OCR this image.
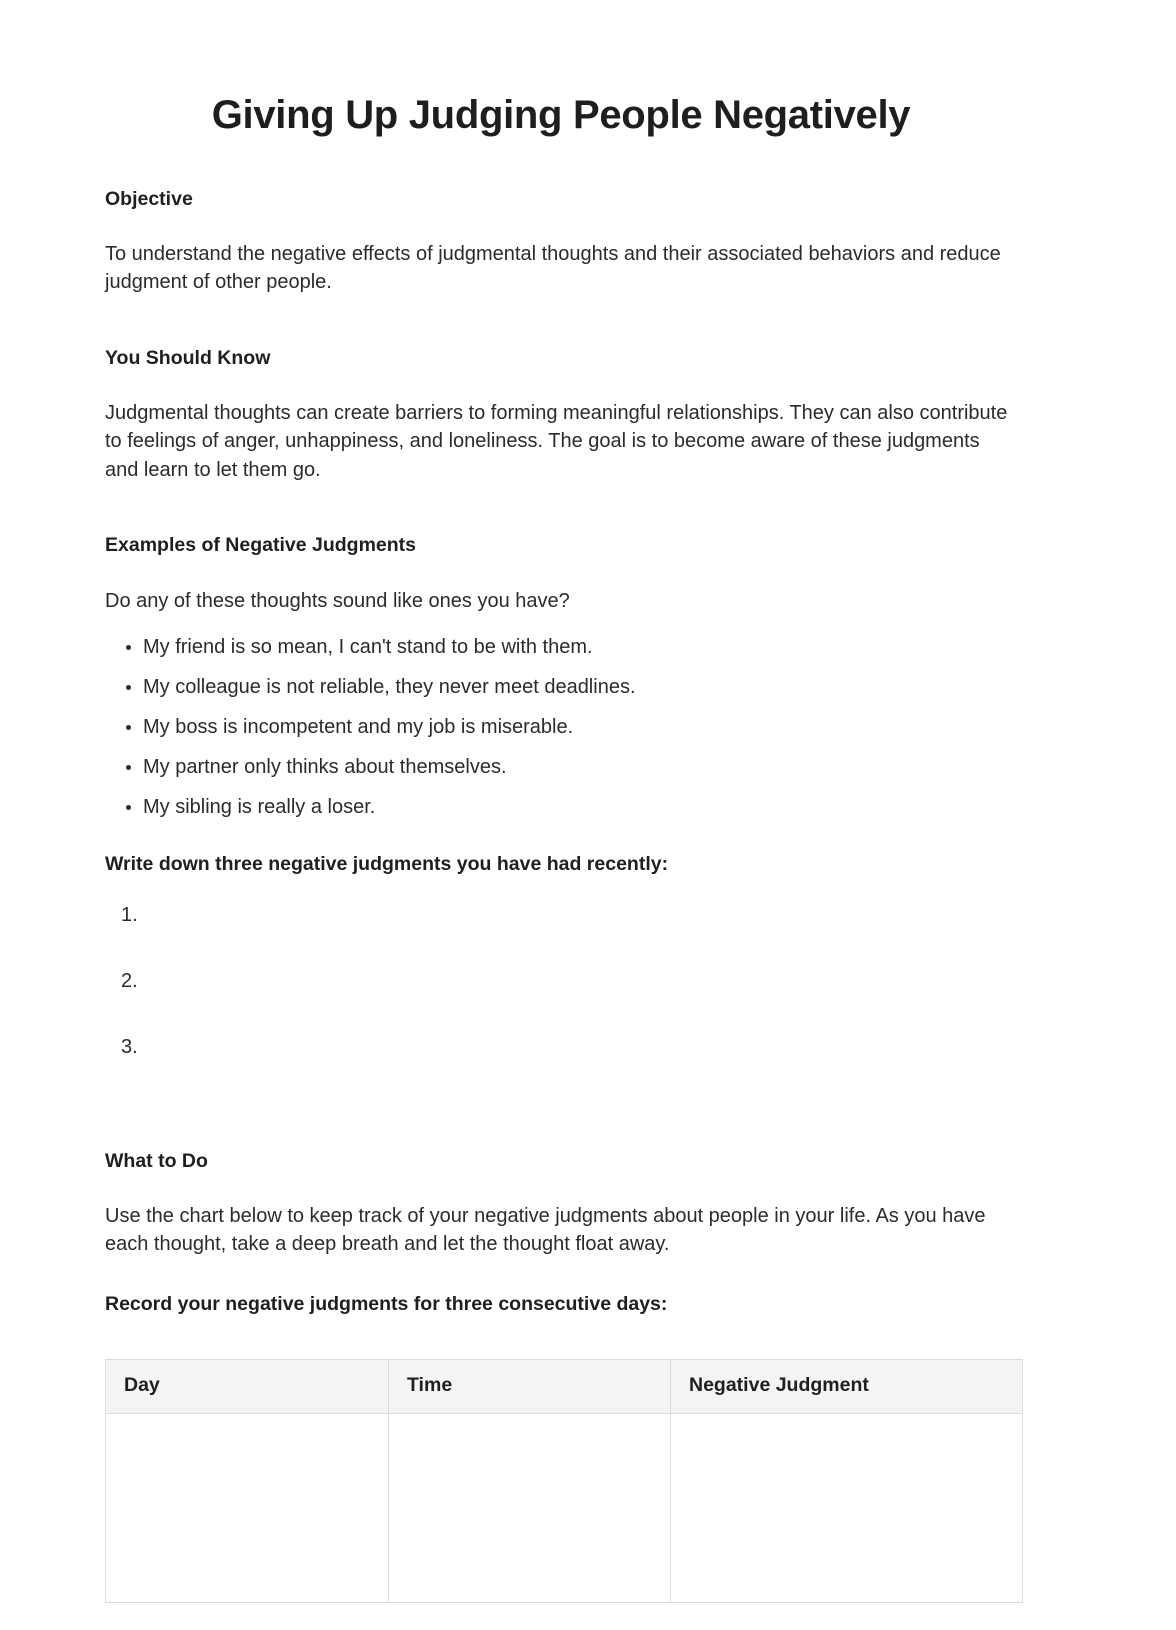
Giving Up Judging People Negatively
Objective

To understand the negative effects of judgmental thoughts and their associated behaviors and reduce judgment of other people.

You Should Know

Judgmental thoughts can create barriers to forming meaningful relationships. They can also contribute to feelings of anger, unhappiness, and loneliness. The goal is to become aware of these judgments and learn to let them go.

Examples of Negative Judgments

Do any of these thoughts sound like ones you have?

My friend is so mean, I can't stand to be with them.
My colleague is not reliable, they never meet deadlines.
My boss is incompetent and my job is miserable.
My partner only thinks about themselves.
My sibling is really a loser.
Write down three negative judgments you have had recently:
1.
2.
3.
What to Do

Use the chart below to keep track of your negative judgments about people in your life. As you have each thought, take a deep breath and let the thought float away.

Record your negative judgments for three consecutive days:
Day	Time	Negative Judgment
